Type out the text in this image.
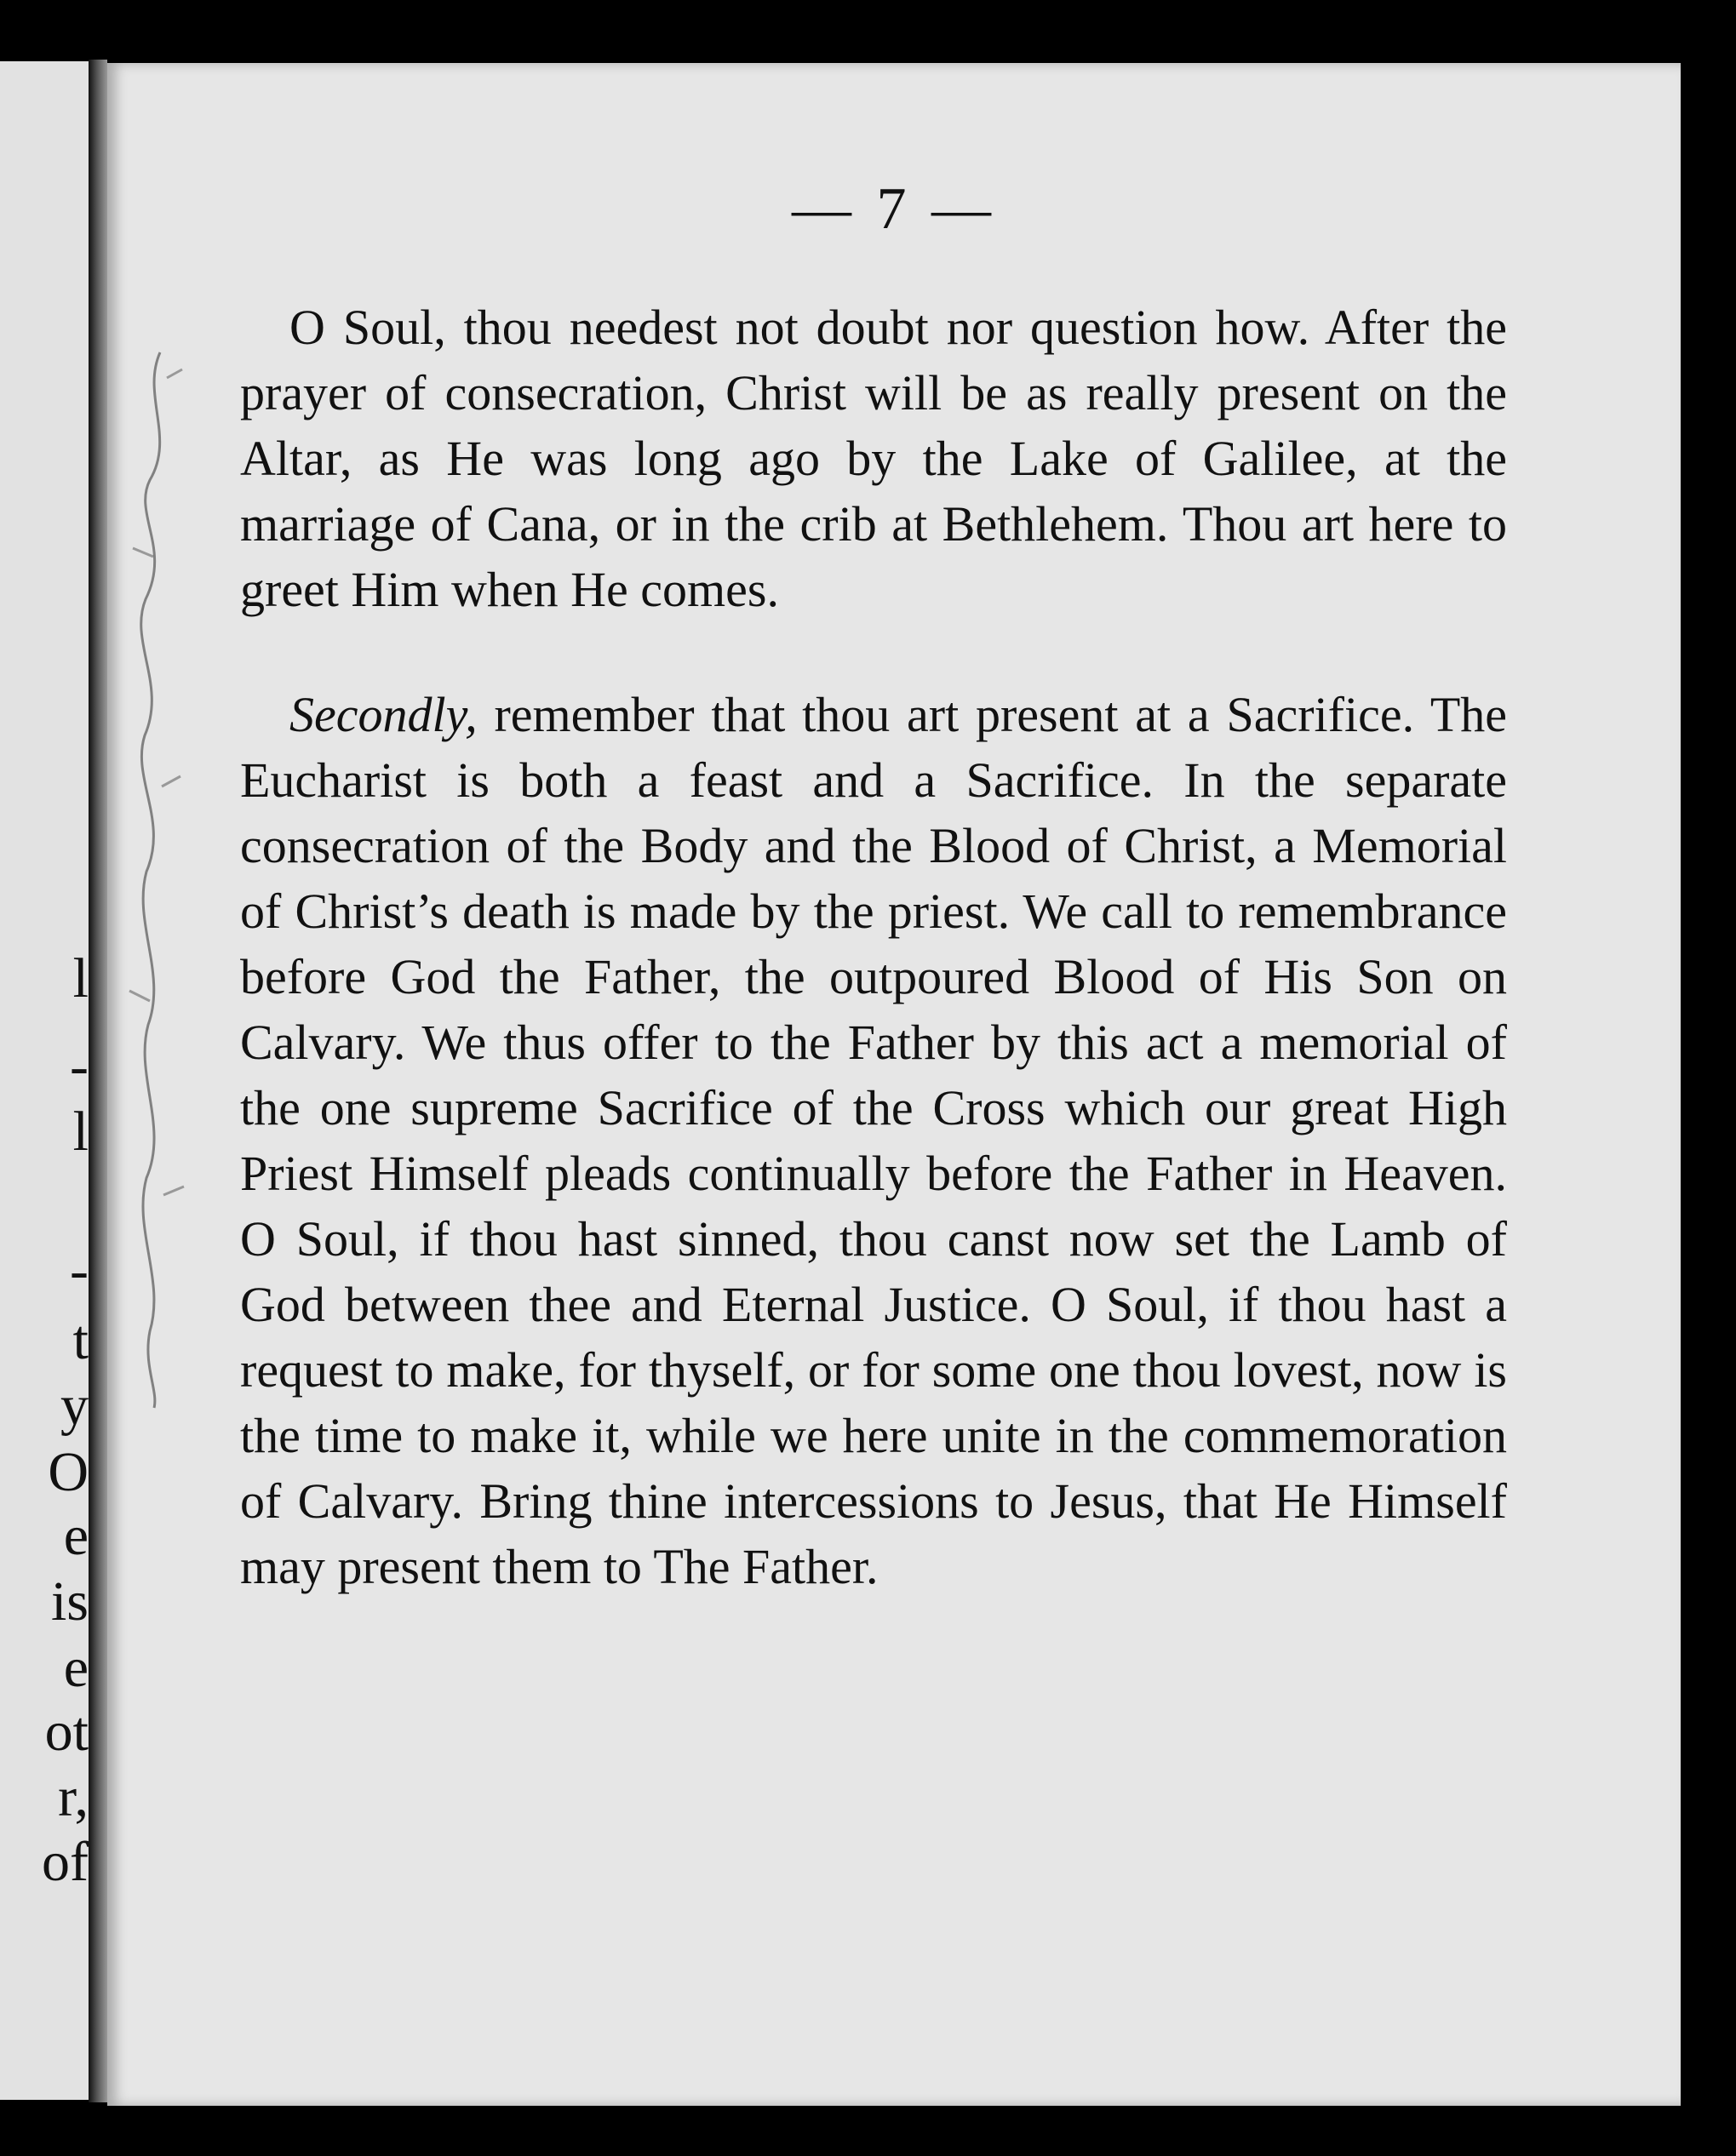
l
-
l
-
t
y
O
e
is
e
ot
r,
of
— 7 —

O Soul, thou needest not doubt nor question how. After the prayer of consecration, Christ will be as really present on the Altar, as He was long ago by the Lake of Galilee, at the marriage of Cana, or in the crib at Bethlehem. Thou art here to greet Him when He comes.

Secondly, remember that thou art present at a Sacrifice. The Eucharist is both a feast and a Sacrifice. In the separate consecration of the Body and the Blood of Christ, a Memorial of Christ’s death is made by the priest. We call to remembrance before God the Father, the outpoured Blood of His Son on Calvary. We thus offer to the Father by this act a memorial of the one supreme Sacrifice of the Cross which our great High Priest Himself pleads continually before the Father in Heaven. O Soul, if thou hast sinned, thou canst now set the Lamb of God between thee and Eternal Justice. O Soul, if thou hast a request to make, for thyself, or for some one thou lovest, now is the time to make it, while we here unite in the commemoration of Calvary. Bring thine intercessions to Jesus, that He Himself may present them to The Father.
